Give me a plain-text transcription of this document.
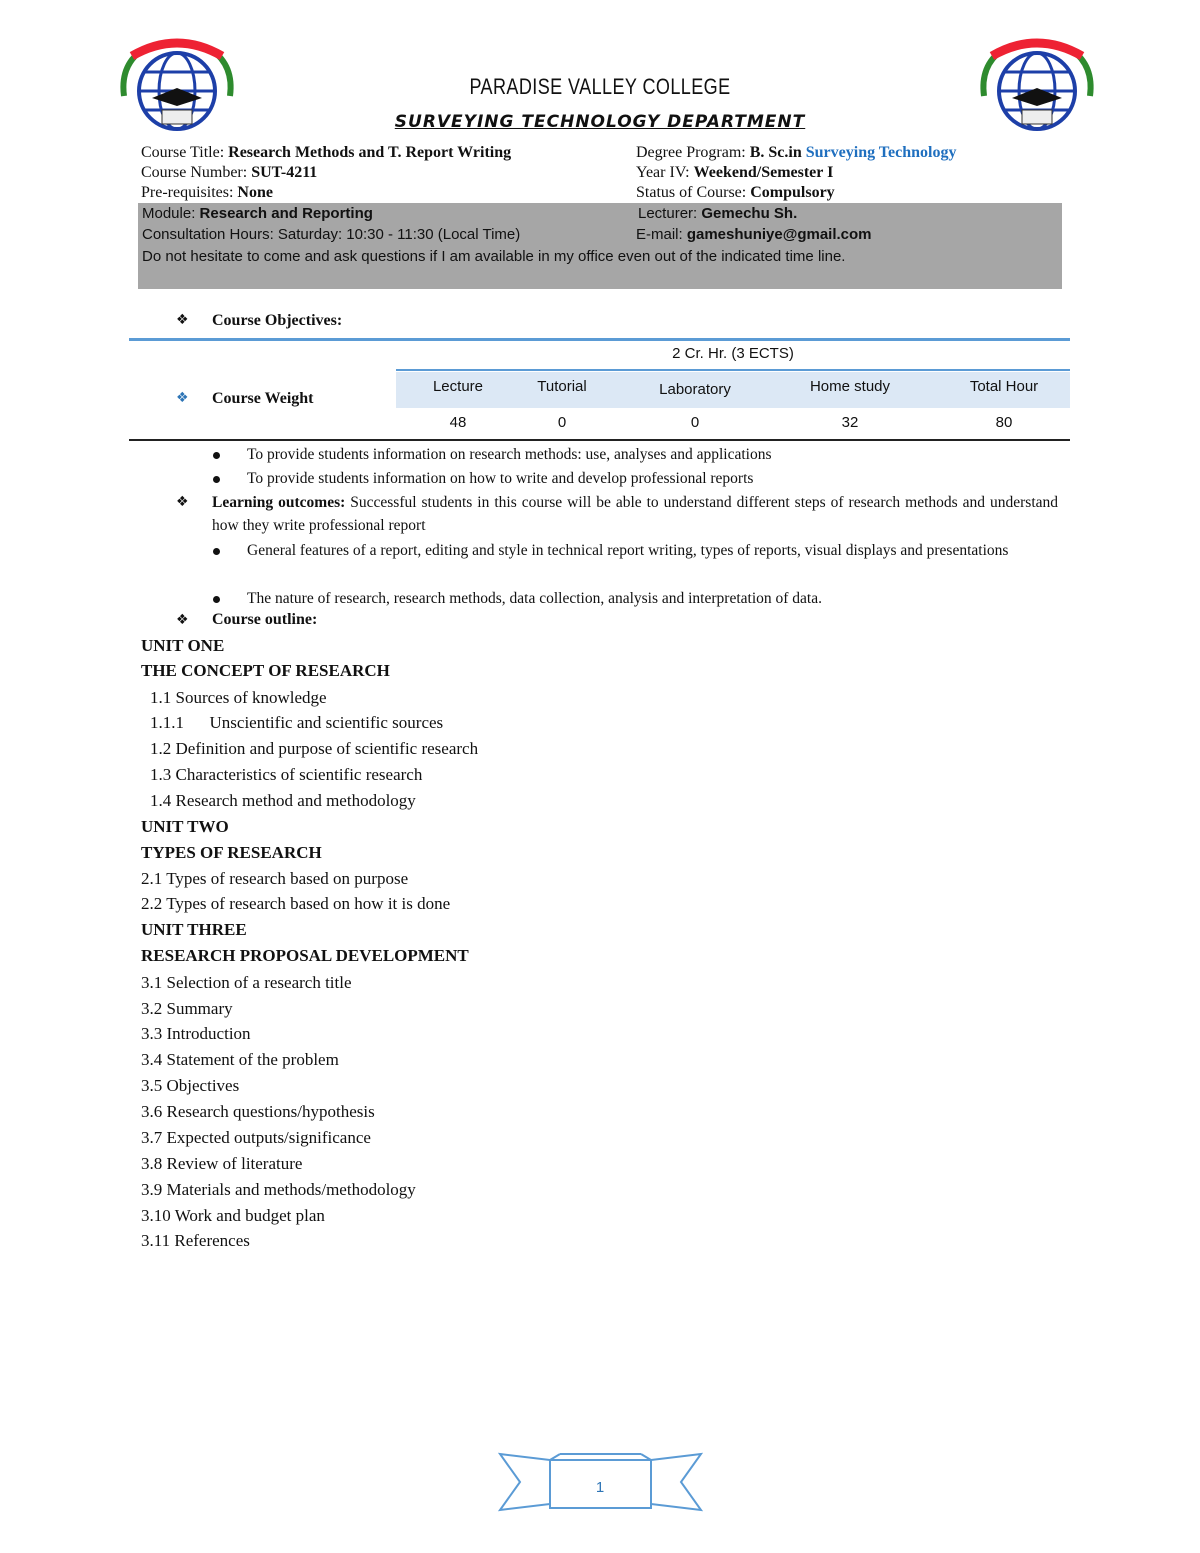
PARADISE VALLEY COLLEGE
SURVEYING TECHNOLOGY DEPARTMENT
Course Title: Research Methods and T. Report Writing
Course Number: SUT-4211
Pre-requisites: None
Degree Program: B. Sc.in Surveying Technology
Year IV: Weekend/Semester I
Status of Course: Compulsory
Module: Research and Reporting
Consultation Hours: Saturday: 10:30 - 11:30 (Local Time)
Lecturer: Gemechu Sh.
E-mail: gameshuniye@gmail.com
Do not hesitate to come and ask questions if I am available in my office even out of the indicated time line.
❖ Course Objectives:
2 Cr. Hr. (3 ECTS)
❖ Course Weight
Lecture	Tutorial	Laboratory	Home study	Total Hour
48	0	0	32	80
To provide students information on research methods: use, analyses and applications
To provide students information on how to write and develop professional reports
❖ Learning outcomes: Successful students in this course will be able to understand different steps of research methods and understand how they write professional report
General features of a report, editing and style in technical report writing, types of reports, visual displays and presentations
The nature of research, research methods, data collection, analysis and interpretation of data.
❖ Course outline:
UNIT ONE
THE CONCEPT OF RESEARCH
1.1 Sources of knowledge
1.1.1      Unscientific and scientific sources
1.2 Definition and purpose of scientific research
1.3 Characteristics of scientific research
1.4 Research method and methodology
UNIT TWO
TYPES OF RESEARCH
2.1 Types of research based on purpose
2.2 Types of research based on how it is done
UNIT THREE
RESEARCH PROPOSAL DEVELOPMENT
3.1 Selection of a research title
3.2 Summary
3.3 Introduction
3.4 Statement of the problem
3.5 Objectives
3.6 Research questions/hypothesis
3.7 Expected outputs/significance
3.8 Review of literature
3.9 Materials and methods/methodology
3.10 Work and budget plan
3.11 References
1
